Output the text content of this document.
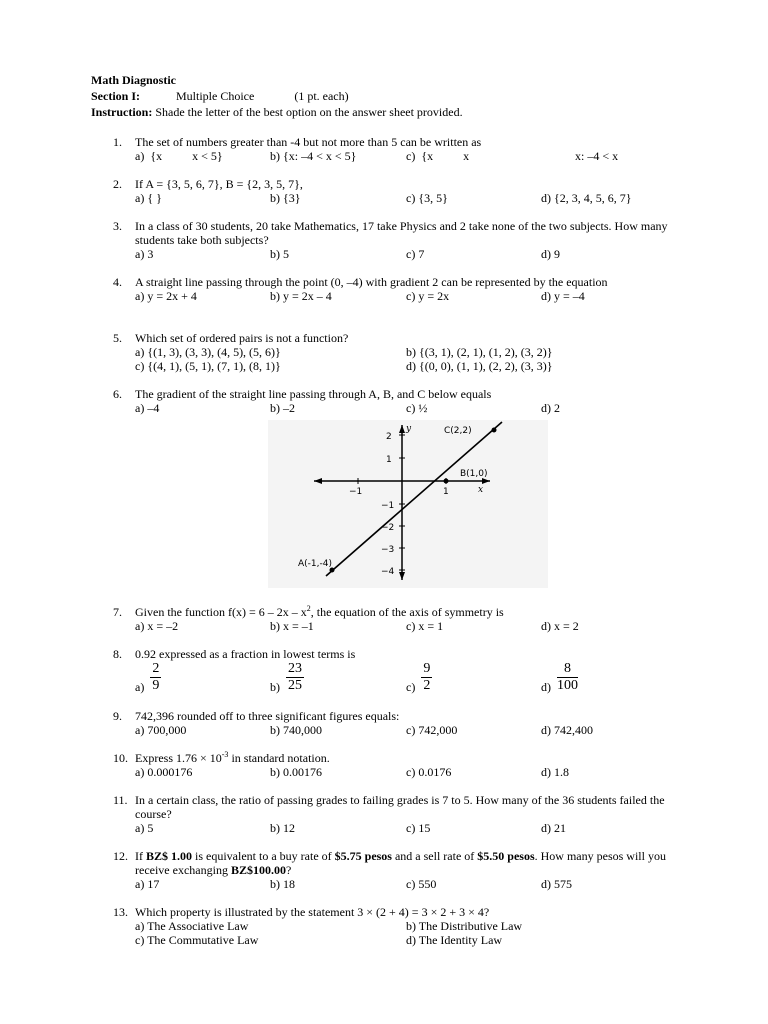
Math Diagnostic
Section I:	Multiple Choice	(1 pt. each)
Instruction: Shade the letter of the best option on the answer sheet provided.
1.	The set of numbers greater than -4 but not more than 5 can be written as
a)  {x          x < 5}	b) {x: –4 < x < 5}	c)  {x          x	x: –4 < x
2.	If A = {3, 5, 6, 7}, B = {2, 3, 5, 7},
a) { }	b) {3}	c) {3, 5}	d) {2, 3, 4, 5, 6, 7}
3.	In a class of 30 students, 20 take Mathematics, 17 take Physics and 2 take none of the two subjects. How many students take both subjects?
a) 3	b) 5	c) 7	d) 9
4.	A straight line passing through the point (0, –4) with gradient 2 can be represented by the equation
a) y = 2x + 4	b) y = 2x – 4	c) y = 2x	d) y = –4
5.	Which set of ordered pairs is not a function?
a) {(1, 3), (3, 3), (4, 5), (5, 6)}	b) {(3, 1), (2, 1), (1, 2), (3, 2)}
c) {(4, 1), (5, 1), (7, 1), (8, 1)}	d) {(0, 0), (1, 1), (2, 2), (3, 3)}
6.	The gradient of the straight line passing through A, B, and C below equals
a) –4	b) –2	c) ½	d) 2
2
1
−1
−2
−3
−4
−1	1
y
x
C(2,2)
B(1,0)
A(-1,-4)
7.	Given the function $f(x) = 6 - 2x - x^2$, the equation of the axis of symmetry is
a) x = –2	b) x = –1	c) x = 1	d) x = 2
8.	0.92 expressed as a fraction in lowest terms is
$a) \frac{2}{9}$	$b) \frac{23}{25}$	$c) \frac{9}{2}$	$d) \frac{8}{100}$
9.	742,396 rounded off to three significant figures equals:
a) 700,000	b) 740,000	c) 742,000	d) 742,400
10. Express $1.76 \times 10^{-3}$ in standard notation.
a) 0.000176	b) 0.00176	c) 0.0176	d) 1.8
11. In a certain class, the ratio of passing grades to failing grades is 7 to 5. How many of the 36 students failed the course?
a) 5	b) 12	c) 15	d) 21
12. If BZ$ 1.00 is equivalent to a buy rate of $5.75 pesos and a sell rate of $5.50 pesos. How many pesos will you receive exchanging BZ$100.00?
a) 17	b) 18	c) 550	d) 575
13. Which property is illustrated by the statement 3 × (2 + 4) = 3 × 2 + 3 × 4?
a) The Associative Law	b) The Distributive Law
c) The Commutative Law	d) The Identity Law
